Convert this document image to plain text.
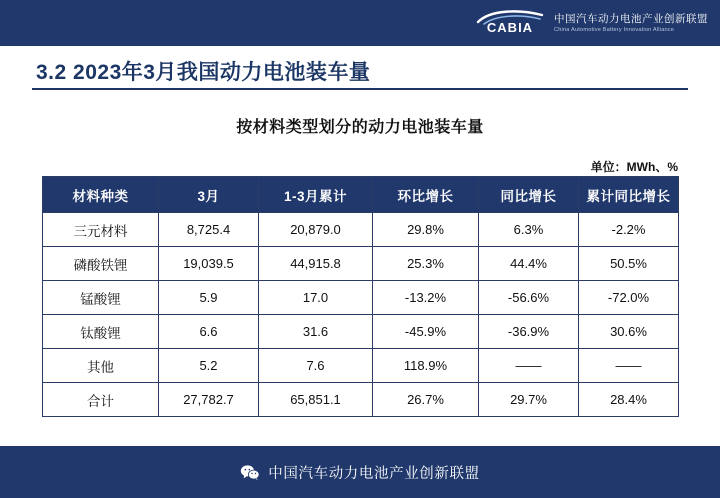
CABIA
中国汽车动力电池产业创新联盟
China Automotive Battery Innovation Alliance
3.2 2023年3月我国动力电池装车量
按材料类型划分的动力电池装车量
单位：MWh、%
材料种类	3月	1-3月累计	环比增长	同比增长	累计同比增长
三元材料	8,725.4	20,879.0	29.8%	6.3%	-2.2%
磷酸铁锂	19,039.5	44,915.8	25.3%	44.4%	50.5%
锰酸锂	5.9	17.0	-13.2%	-56.6%	-72.0%
钛酸锂	6.6	31.6	-45.9%	-36.9%	30.6%
其他	5.2	7.6	118.9%	——	——
合计	27,782.7	65,851.1	26.7%	29.7%	28.4%
中国汽车动力电池产业创新联盟
